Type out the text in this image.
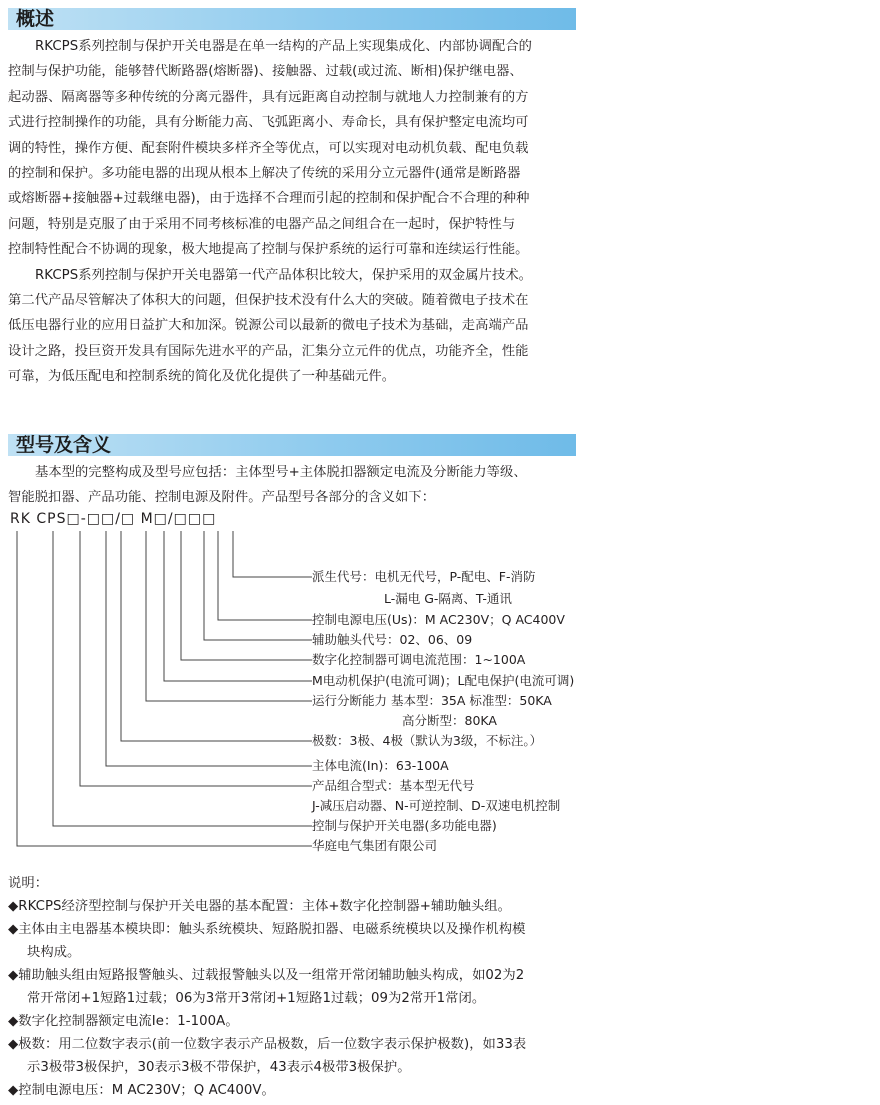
概述
RKCPS系列控制与保护开关电器是在单一结构的产品上实现集成化、内部协调配合的
控制与保护功能，能够替代断路器(熔断器)、接触器、过载(或过流、断相)保护继电器、
起动器、隔离器等多种传统的分离元器件，具有远距离自动控制与就地人力控制兼有的方
式进行控制操作的功能，具有分断能力高、飞弧距离小、寿命长，具有保护整定电流均可
调的特性，操作方便、配套附件模块多样齐全等优点，可以实现对电动机负载、配电负载
的控制和保护。多功能电器的出现从根本上解决了传统的采用分立元器件(通常是断路器
或熔断器+接触器+过载继电器)，由于选择不合理而引起的控制和保护配合不合理的种种
问题，特别是克服了由于采用不同考核标准的电器产品之间组合在一起时，保护特性与
控制特性配合不协调的现象，极大地提高了控制与保护系统的运行可靠和连续运行性能。
RKCPS系列控制与保护开关电器第一代产品体积比较大，保护采用的双金属片技术。
第二代产品尽管解决了体积大的问题，但保护技术没有什么大的突破。随着微电子技术在
低压电器行业的应用日益扩大和加深。锐源公司以最新的微电子技术为基础，走高端产品
设计之路，投巨资开发具有国际先进水平的产品，汇集分立元件的优点，功能齐全，性能
可靠，为低压配电和控制系统的简化及优化提供了一种基础元件。
型号及含义
基本型的完整构成及型号应包括：主体型号+主体脱扣器额定电流及分断能力等级、
智能脱扣器、产品功能、控制电源及附件。产品型号各部分的含义如下：
RK CPS□-□□/□ M□/□□□
派生代号：电机无代号，P-配电、F-消防
L-漏电 G-隔离、T-通讯
控制电源电压(Us)：M AC230V；Q AC400V
辅助触头代号：02、06、09
数字化控制器可调电流范围：1~100A
M电动机保护(电流可调)；L配电保护(电流可调)
运行分断能力 基本型：35A 标准型：50KA
高分断型：80KA
极数：3极、4极（默认为3级，不标注。）
主体电流(In)：63-100A
产品组合型式：基本型无代号
J-减压启动器、N-可逆控制、D-双速电机控制
控制与保护开关电器(多功能电器)
华庭电气集团有限公司
说明：
◆RKCPS经济型控制与保护开关电器的基本配置：主体+数字化控制器+辅助触头组。
◆主体由主电器基本模块即：触头系统模块、短路脱扣器、电磁系统模块以及操作机构模
块构成。
◆辅助触头组由短路报警触头、过载报警触头以及一组常开常闭辅助触头构成，如02为2
常开常闭+1短路1过载；06为3常开3常闭+1短路1过载；09为2常开1常闭。
◆数字化控制器额定电流Ie：1-100A。
◆极数：用二位数字表示(前一位数字表示产品极数，后一位数字表示保护极数)，如33表
示3极带3极保护，30表示3极不带保护，43表示4极带3极保护。
◆控制电源电压：M AC230V；Q AC400V。
